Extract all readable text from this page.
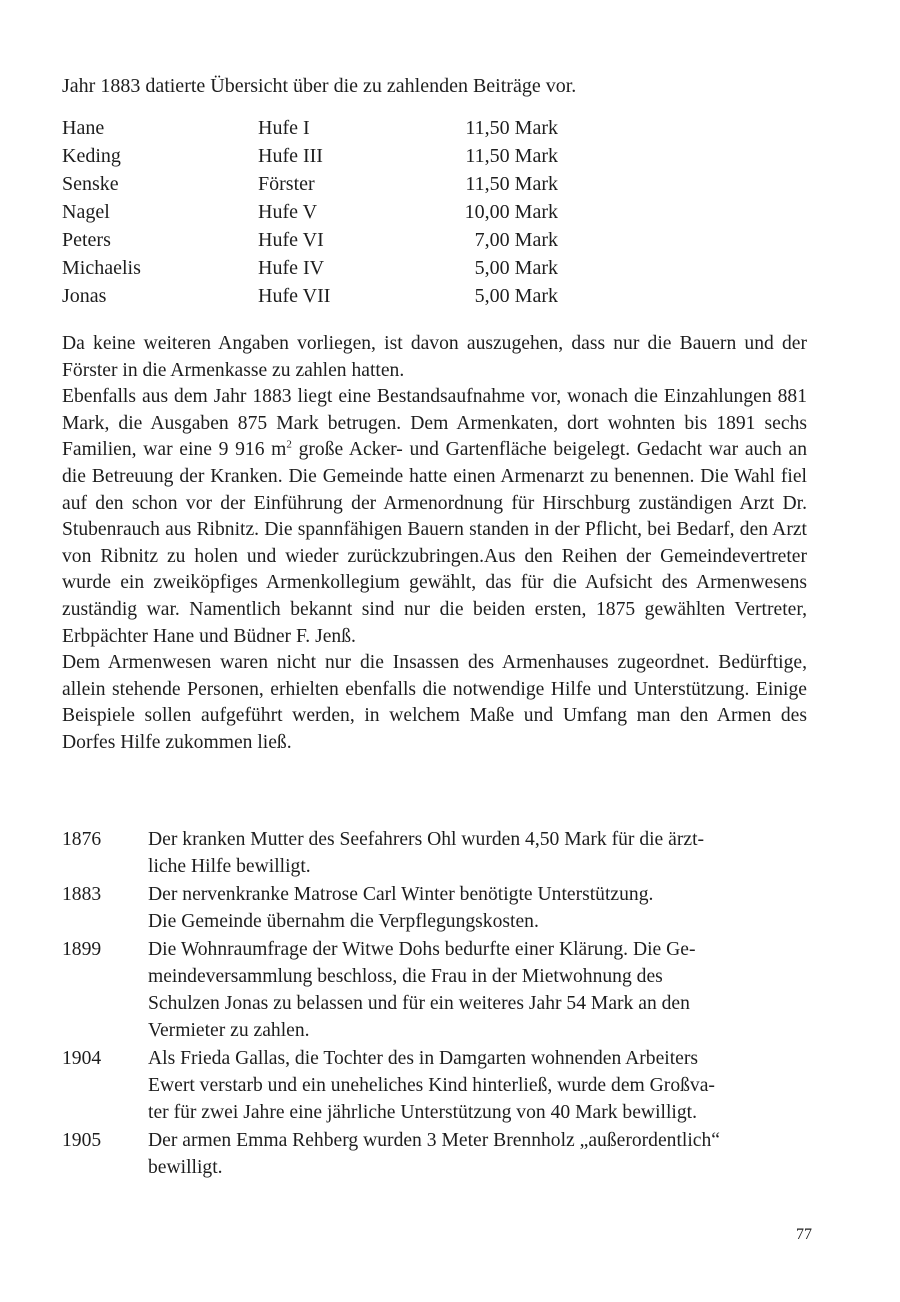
Jahr 1883 datierte Übersicht über die zu zahlenden Beiträge vor.
Hane	Hufe I	11,50 Mark
Keding	Hufe III	11,50 Mark
Senske	Förster	11,50 Mark
Nagel	Hufe V	10,00 Mark
Peters	Hufe VI	7,00 Mark
Michaelis	Hufe IV	5,00 Mark
Jonas	Hufe VII	5,00 Mark

Da keine weiteren Angaben vorliegen, ist davon auszugehen, dass nur die Bauern und der Förster in die Armenkasse zu zahlen hatten.

Ebenfalls aus dem Jahr 1883 liegt eine Bestandsaufnahme vor, wonach die Einzahlungen 881 Mark, die Ausgaben 875 Mark betrugen. Dem Armenkaten, dort wohnten bis 1891 sechs Familien, war eine 9 916 $m^2$ große Acker- und Gartenfläche beigelegt. Gedacht war auch an die Betreuung der Kranken. Die Gemeinde hatte einen Armenarzt zu benennen. Die Wahl fiel auf den schon vor der Einführung der Armenordnung für Hirschburg zuständigen Arzt Dr. Stubenrauch aus Ribnitz. Die spannfähigen Bauern standen in der Pflicht, bei Bedarf, den Arzt von Ribnitz zu holen und wieder zurückzubringen.Aus den Reihen der Gemeindevertreter wurde ein zweiköpfiges Armenkollegium gewählt, das für die Aufsicht des Armenwesens zuständig war. Namentlich bekannt sind nur die beiden ersten, 1875 gewählten Vertreter, Erbpächter Hane und Büdner F. Jenß.

Dem Armenwesen waren nicht nur die Insassen des Armenhauses zugeordnet. Bedürftige, allein stehende Personen, erhielten ebenfalls die notwendige Hilfe und Unterstützung. Einige Beispiele sollen aufgeführt werden, in welchem Maße und Umfang man den Armen des Dorfes Hilfe zukommen ließ.

1876	Der kranken Mutter des Seefahrers Ohl wurden 4,50 Mark für die ärzt-
liche Hilfe bewilligt.
1883	Der nervenkranke Matrose Carl Winter benötigte Unterstützung.
Die Gemeinde übernahm die Verpflegungskosten.
1899	Die Wohnraumfrage der Witwe Dohs bedurfte einer Klärung. Die Ge-
meindeversammlung beschloss, die Frau in der Mietwohnung des
Schulzen Jonas zu belassen und für ein weiteres Jahr 54 Mark an den
Vermieter zu zahlen.
1904	Als Frieda Gallas, die Tochter des in Damgarten wohnenden Arbeiters
Ewert verstarb und ein uneheliches Kind hinterließ, wurde dem Großva-
ter für zwei Jahre eine jährliche Unterstützung von 40 Mark bewilligt.
1905	Der armen Emma Rehberg wurden 3 Meter Brennholz „außerordentlich“
bewilligt.
77
